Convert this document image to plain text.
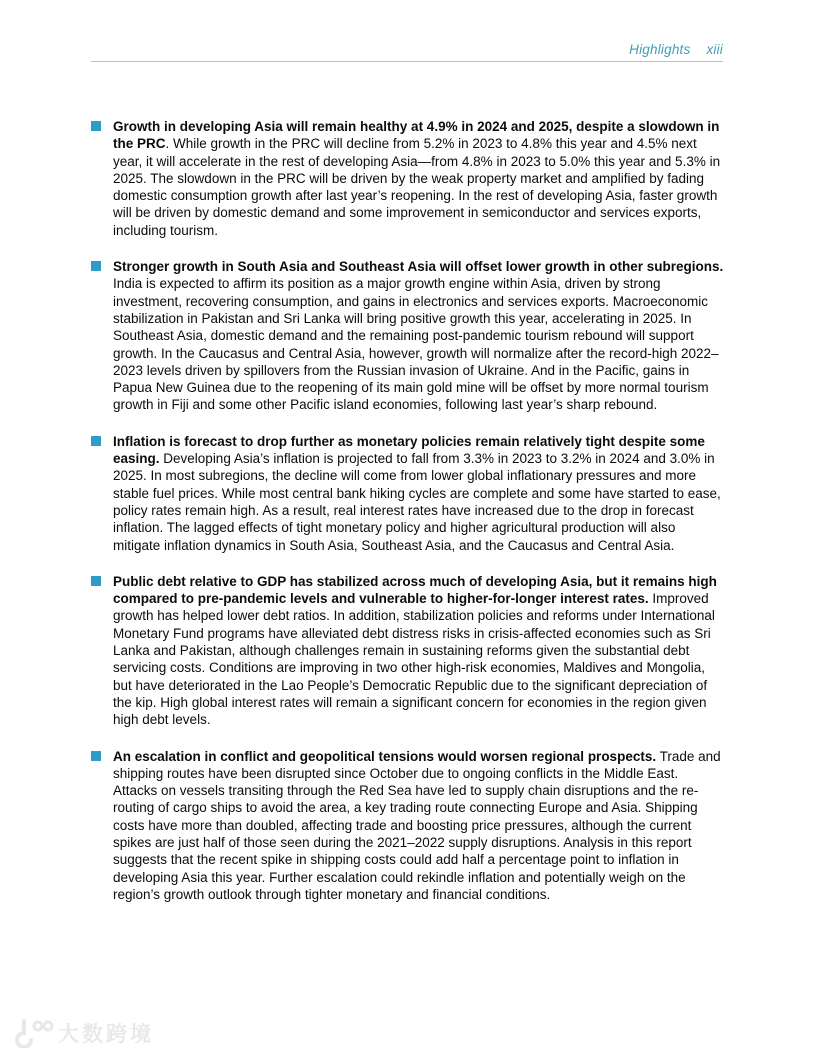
Highlights xiii

Growth in developing Asia will remain healthy at 4.9% in 2024 and 2025, despite a slowdown in the PRC. While growth in the PRC will decline from 5.2% in 2023 to 4.8% this year and 4.5% next year, it will accelerate in the rest of developing Asia—from 4.8% in 2023 to 5.0% this year and 5.3% in 2025. The slowdown in the PRC will be driven by the weak property market and amplified by fading domestic consumption growth after last year’s reopening. In the rest of developing Asia, faster growth will be driven by domestic demand and some improvement in semiconductor and services exports, including tourism.

Stronger growth in South Asia and Southeast Asia will offset lower growth in other subregions. India is expected to affirm its position as a major growth engine within Asia, driven by strong investment, recovering consumption, and gains in electronics and services exports. Macroeconomic stabilization in Pakistan and Sri Lanka will bring positive growth this year, accelerating in 2025. In Southeast Asia, domestic demand and the remaining post-pandemic tourism rebound will support growth. In the Caucasus and Central Asia, however, growth will normalize after the record-high 2022–2023 levels driven by spillovers from the Russian invasion of Ukraine. And in the Pacific, gains in Papua New Guinea due to the reopening of its main gold mine will be offset by more normal tourism growth in Fiji and some other Pacific island economies, following last year’s sharp rebound.

Inflation is forecast to drop further as monetary policies remain relatively tight despite some easing. Developing Asia’s inflation is projected to fall from 3.3% in 2023 to 3.2% in 2024 and 3.0% in 2025. In most subregions, the decline will come from lower global inflationary pressures and more stable fuel prices. While most central bank hiking cycles are complete and some have started to ease, policy rates remain high. As a result, real interest rates have increased due to the drop in forecast inflation. The lagged effects of tight monetary policy and higher agricultural production will also mitigate inflation dynamics in South Asia, Southeast Asia, and the Caucasus and Central Asia.

Public debt relative to GDP has stabilized across much of developing Asia, but it remains high compared to pre-pandemic levels and vulnerable to higher-for-longer interest rates. Improved growth has helped lower debt ratios. In addition, stabilization policies and reforms under International Monetary Fund programs have alleviated debt distress risks in crisis-affected economies such as Sri Lanka and Pakistan, although challenges remain in sustaining reforms given the substantial debt servicing costs. Conditions are improving in two other high-risk economies, Maldives and Mongolia, but have deteriorated in the Lao People’s Democratic Republic due to the significant depreciation of the kip. High global interest rates will remain a significant concern for economies in the region given high debt levels.

An escalation in conflict and geopolitical tensions would worsen regional prospects. Trade and shipping routes have been disrupted since October due to ongoing conflicts in the Middle East. Attacks on vessels transiting through the Red Sea have led to supply chain disruptions and the re-routing of cargo ships to avoid the area, a key trading route connecting Europe and Asia. Shipping costs have more than doubled, affecting trade and boosting price pressures, although the current spikes are just half of those seen during the 2021–2022 supply disruptions. Analysis in this report suggests that the recent spike in shipping costs could add half a percentage point to inflation in developing Asia this year. Further escalation could rekindle inflation and potentially weigh on the region’s growth outlook through tighter monetary and financial conditions.

大数跨境
